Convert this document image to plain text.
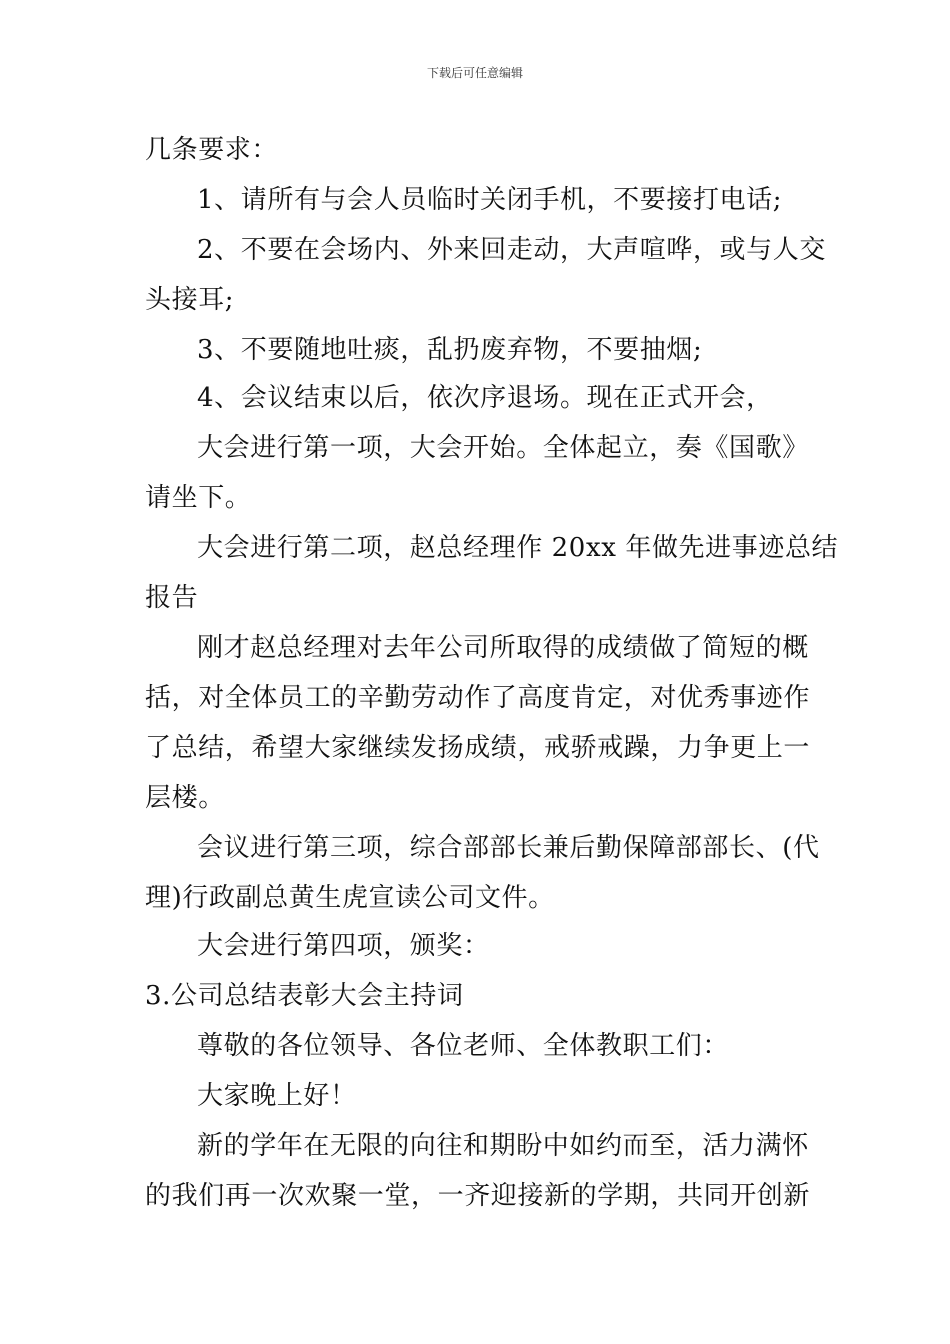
下载后可任意编辑
几条要求：
1、请所有与会人员临时关闭手机，不要接打电话;
2、不要在会场内、外来回走动，大声喧哗，或与人交
头接耳;
3、不要随地吐痰，乱扔废弃物，不要抽烟;
4、会议结束以后，依次序退场。现在正式开会，
大会进行第一项，大会开始。全体起立，奏《国歌》
请坐下。
大会进行第二项，赵总经理作 20xx 年做先进事迹总结
报告
刚才赵总经理对去年公司所取得的成绩做了简短的概
括，对全体员工的辛勤劳动作了高度肯定，对优秀事迹作
了总结，希望大家继续发扬成绩，戒骄戒躁，力争更上一
层楼。
会议进行第三项，综合部部长兼后勤保障部部长、(代
理)行政副总黄生虎宣读公司文件。
大会进行第四项，颁奖：
3.公司总结表彰大会主持词
尊敬的各位领导、各位老师、全体教职工们：
大家晚上好！
新的学年在无限的向往和期盼中如约而至，活力满怀
的我们再一次欢聚一堂，一齐迎接新的学期，共同开创新
